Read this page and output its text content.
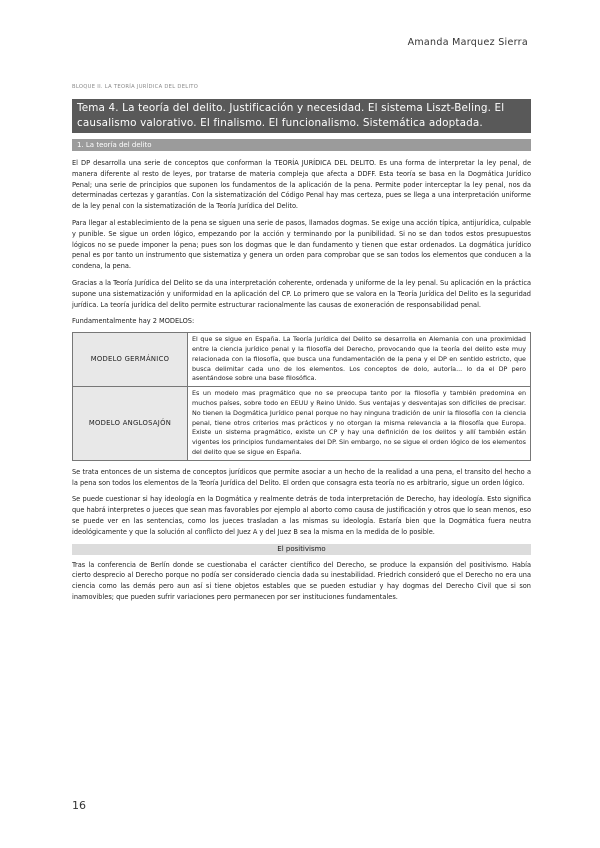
Amanda Marquez Sierra
BLOQUE II. LA TEORÍA JURÍDICA DEL DELITO
Tema 4. La teoría del delito. Justificación y necesidad. El sistema Liszt-Beling. El causalismo valorativo. El finalismo. El funcionalismo. Sistemática adoptada.
1. La teoría del delito

El DP desarrolla una serie de conceptos que conforman la TEORÍA JURÍDICA DEL DELITO. Es una forma de interpretar la ley penal, de manera diferente al resto de leyes, por tratarse de materia compleja que afecta a DDFF. Esta teoría se basa en la Dogmática Jurídico Penal; una serie de principios que suponen los fundamentos de la aplicación de la pena. Permite poder interceptar la ley penal, nos da determinadas certezas y garantías. Con la sistematización del Código Penal hay mas certeza, pues se llega a una interpretación uniforme de la ley penal con la sistematización de la Teoría Jurídica del Delito.

Para llegar al establecimiento de la pena se siguen una serie de pasos, llamados dogmas. Se exige una acción típica, antijurídica, culpable y punible. Se sigue un orden lógico, empezando por la acción y terminando por la punibilidad. Si no se dan todos estos presupuestos lógicos no se puede imponer la pena; pues son los dogmas que le dan fundamento y tienen que estar ordenados. La dogmática jurídico penal es por tanto un instrumento que sistematiza y genera un orden para comprobar que se san todos los elementos que conducen a la condena, la pena.

Gracias a la Teoría Jurídica del Delito se da una interpretación coherente, ordenada y uniforme de la ley penal. Su aplicación en la práctica supone una sistematización y uniformidad en la aplicación del CP. Lo primero que se valora en la Teoría Jurídica del Delito es la seguridad jurídica. La teoría jurídica del delito permite estructurar racionalmente las causas de exoneración de responsabilidad penal.

Fundamentalmente hay 2 MODELOS:

MODELO GERMÁNICO	El que se sigue en España. La Teoría Jurídica del Delito se desarrolla en Alemania con una proximidad entre la ciencia jurídico penal y la filosofía del Derecho, provocando que la teoría del delito este muy relacionada con la filosofía, que busca una fundamentación de la pena y el DP en sentido estricto, que busca delimitar cada uno de los elementos. Los conceptos de dolo, autoría... lo da el DP pero asentándose sobre una base filosófica.
MODELO ANGLOSAJÓN	Es un modelo mas pragmático que no se preocupa tanto por la filosofía y también predomina en muchos países, sobre todo en EEUU y Reino Unido. Sus ventajas y desventajas son difíciles de precisar. No tienen la Dogmática Jurídico penal porque no hay ninguna tradición de unir la filosofía con la ciencia penal, tiene otros criterios mas prácticos y no otorgan la misma relevancia a la filosofía que Europa. Existe un sistema pragmático, existe un CP y hay una definición de los delitos y allí también están vigentes los principios fundamentales del DP. Sin embargo, no se sigue el orden lógico de los elementos del delito que se sigue en España.

Se trata entonces de un sistema de conceptos jurídicos que permite asociar a un hecho de la realidad a una pena, el transito del hecho a la pena son todos los elementos de la Teoría Jurídica del Delito. El orden que consagra esta teoría no es arbitrario, sigue un orden lógico.

Se puede cuestionar si hay ideología en la Dogmática y realmente detrás de toda interpretación de Derecho, hay ideología. Esto significa que habrá interpretes o jueces que sean mas favorables por ejemplo al aborto como causa de justificación y otros que lo sean menos, eso se puede ver en las sentencias, como los jueces trasladan a las mismas su ideología. Estaría bien que la Dogmática fuera neutra ideológicamente y que la solución al conflicto del Juez A y del Juez B sea la misma en la medida de lo posible.

El positivismo

Tras la conferencia de Berlín donde se cuestionaba el carácter científico del Derecho, se produce la expansión del positivismo. Había cierto desprecio al Derecho porque no podía ser considerado ciencia dada su inestabilidad. Friedrich consideró que el Derecho no era una ciencia como las demás pero aun así si tiene objetos estables que se pueden estudiar y hay dogmas del Derecho Civil que si son inamovibles; que pueden sufrir variaciones pero permanecen por ser instituciones fundamentales.

16
